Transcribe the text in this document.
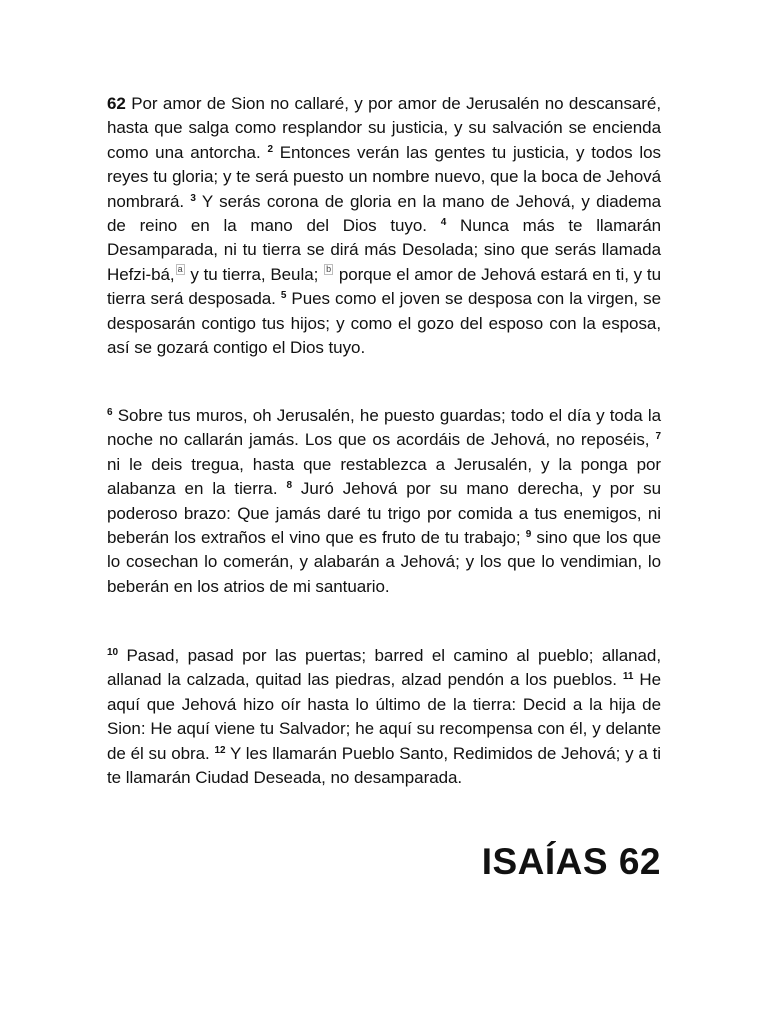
62 Por amor de Sion no callaré, y por amor de Jerusalén no descansaré, hasta que salga como resplandor su justicia, y su salvación se encienda como una antorcha. $^2$ Entonces verán las gentes tu justicia, y todos los reyes tu gloria; y te será puesto un nombre nuevo, que la boca de Jehová nombrará. $^3$ Y serás corona de gloria en la mano de Jehová, y diadema de reino en la mano del Dios tuyo. $^4$ Nunca más te llamarán Desamparada, ni tu tierra se dirá más Desolada; sino que serás llamada Hefzi-bá, a y tu tierra, Beula; b porque el amor de Jehová estará en ti, y tu tierra será desposada. $^5$ Pues como el joven se desposa con la virgen, se desposarán contigo tus hijos; y como el gozo del esposo con la esposa, así se gozará contigo el Dios tuyo.

$^6$ Sobre tus muros, oh Jerusalén, he puesto guardas; todo el día y toda la noche no callarán jamás. Los que os acordáis de Jehová, no reposéis, $^7$ ni le deis tregua, hasta que restablezca a Jerusalén, y la ponga por alabanza en la tierra. $^8$ Juró Jehová por su mano derecha, y por su poderoso brazo: Que jamás daré tu trigo por comida a tus enemigos, ni beberán los extraños el vino que es fruto de tu trabajo; $^9$ sino que los que lo cosechan lo comerán, y alabarán a Jehová; y los que lo vendimian, lo beberán en los atrios de mi santuario.

$^{10}$ Pasad, pasad por las puertas; barred el camino al pueblo; allanad, allanad la calzada, quitad las piedras, alzad pendón a los pueblos. $^{11}$ He aquí que Jehová hizo oír hasta lo último de la tierra: Decid a la hija de Sion: He aquí viene tu Salvador; he aquí su recompensa con él, y delante de él su obra. $^{12}$ Y les llamarán Pueblo Santo, Redimidos de Jehová; y a ti te llamarán Ciudad Deseada, no desamparada.

ISAÍAS 62
